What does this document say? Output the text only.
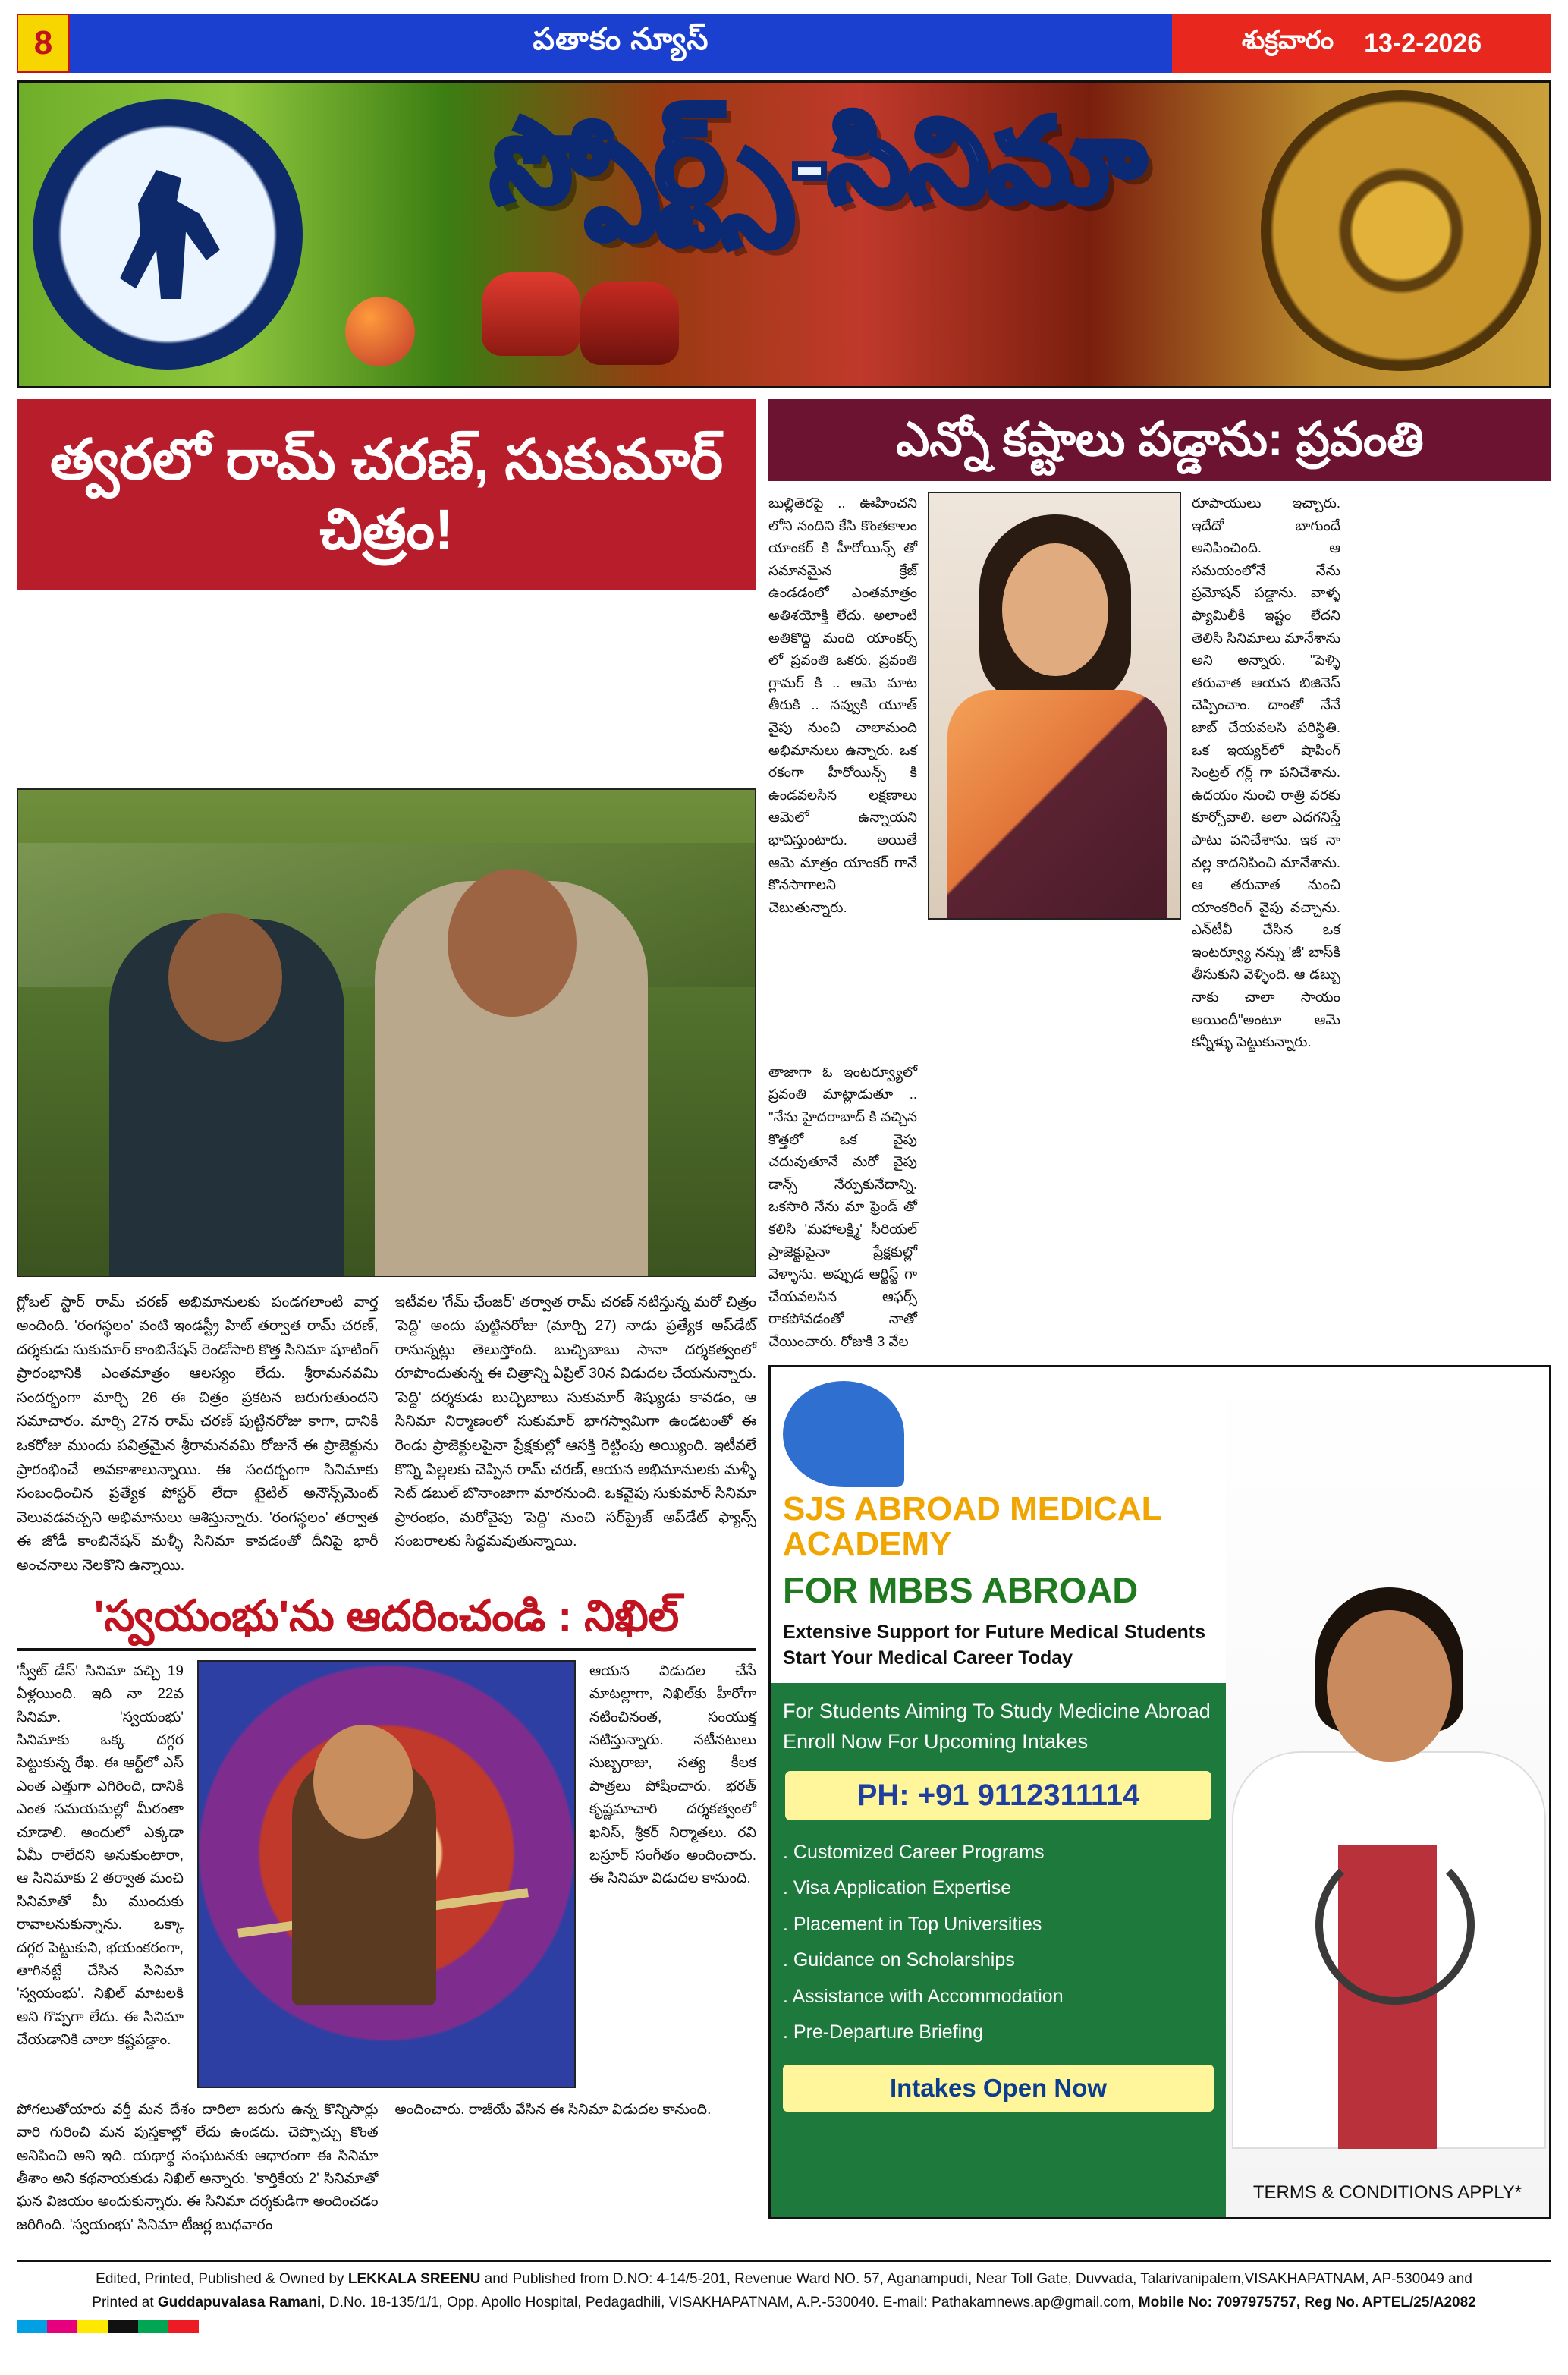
8	పతాకం న్యూస్	శుక్రవారం 13-2-2026
స్పోర్ట్స్-సినిమా
త్వరలో రామ్ చరణ్, సుకుమార్ చిత్రం!
ఎన్నో కష్టాలు పడ్డాను: ప్రవంతి
బుల్లితెరపై .. ఊహించని లోని నందిని కేసి కొంతకాలం యాంకర్ కి హీరోయిన్స్ తో సమానమైన క్రేజ్ ఉండడంలో ఎంతమాత్రం అతిశయోక్తి లేదు. అలాంటి అతికొద్ది మంది యాంకర్స్ లో ప్రవంతి ఒకరు. ప్రవంతి గ్లామర్ కి .. ఆమె మాట తీరుకి .. నవ్వుకి యూత్ వైపు నుంచి చాలామంది అభిమానులు ఉన్నారు. ఒక రకంగా హీరోయిన్స్ కి ఉండవలసిన లక్షణాలు ఆమెలో ఉన్నాయని భావిస్తుంటారు. అయితే ఆమె మాత్రం యాంకర్ గానే కొనసాగాలని చెబుతున్నారు.
రూపాయులు ఇచ్చారు. ఇదేదో బాగుందే అనిపించింది. ఆ సమయంలోనే నేను ప్రమోషన్ పడ్డాను. వాళ్ళ ఫ్యామిలీకి ఇష్టం లేదని తెలిసి సినిమాలు మానేశాను అని అన్నారు. "పెళ్ళి తరువాత ఆయన బిజినెస్ చెప్పించాం. దాంతో నేనే జాబ్ చేయవలసి పరిస్థితి. ఒక ఇయ్యర్‌లో షాపింగ్ సెంట్రల్ గర్ల్ గా పనిచేశాను. ఉదయం నుంచి రాత్రి వరకు కూర్చోవాలి. అలా ఎదగనిస్తే పాటు పనిచేశాను. ఇక నా వల్ల కాదనిపించి మానేశాను. ఆ తరువాత నుంచి యాంకరింగ్ వైపు వచ్చాను. ఎన్‌టీవీ చేసిన ఒక ఇంటర్వ్యూ నన్ను 'జీ' బాస్‌కి తీసుకుని వెళ్ళింది. ఆ డబ్బు నాకు చాలా సాయం అయిందీ"అంటూ ఆమె కన్నీళ్ళు పెట్టుకున్నారు.
తాజాగా ఓ ఇంటర్వ్యూలో ప్రవంతి మాట్లాడుతూ .. "నేను హైదరాబాద్ కి వచ్చిన కొత్తలో ఒక వైపు చదువుతూనే మరో వైపు డాన్స్ నేర్పుకునేదాన్ని. ఒకసారి నేను మా ఫ్రెండ్ తో కలిసి 'మహాలక్ష్మి' సీరియల్ ప్రాజెక్టుపైనా ప్రేక్షకుల్లో వెళ్ళాను. అప్పుడ ఆర్టిస్ట్ గా చేయవలసిన ఆఫర్స్ రాకపోవడంతో నాతో చేయించారు. రోజుకి 3 వేల
SJS ABROAD MEDICAL ACADEMY
FOR MBBS ABROAD
Extensive Support for Future Medical Students Start Your Medical Career Today
For Students Aiming To Study Medicine Abroad Enroll Now For Upcoming Intakes
PH: +91 9112311114
. Customized Career Programs
. Visa Application Expertise
. Placement in Top Universities
. Guidance on Scholarships
. Assistance with Accommodation
. Pre-Departure Briefing
Intakes Open Now
TERMS & CONDITIONS APPLY*
గ్లోబల్ స్టార్ రామ్ చరణ్ అభిమానులకు పండగలాంటి వార్త అందింది. 'రంగస్థలం' వంటి ఇండస్ట్రీ హిట్ తర్వాత రామ్ చరణ్, దర్శకుడు సుకుమార్ కాంబినేషన్ రెండోసారి కొత్త సినిమా షూటింగ్ ప్రారంభానికి ఎంతమాత్రం ఆలస్యం లేదు. శ్రీరామనవమి సందర్భంగా మార్చి 26 ఈ చిత్రం ప్రకటన జరుగుతుందని సమాచారం. మార్చి 27న రామ్ చరణ్ పుట్టినరోజు కాగా, దానికి ఒకరోజు ముందు పవిత్రమైన శ్రీరామనవమి రోజునే ఈ ప్రాజెక్టును ప్రారంభించే అవకాశాలున్నాయి. ఈ సందర్భంగా సినిమాకు సంబంధించిన ప్రత్యేక పోస్టర్ లేదా టైటిల్ అనౌన్స్‌మెంట్ వెలువడవచ్చని అభిమానులు ఆశిస్తున్నారు. 'రంగస్థలం' తర్వాత ఈ జోడీ కాంబినేషన్ మళ్ళీ సినిమా కావడంతో దీనిపై భారీ అంచనాలు నెలకొని ఉన్నాయి.
ఇటీవల 'గేమ్ ఛేంజర్' తర్వాత రామ్ చరణ్ నటిస్తున్న మరో చిత్రం 'పెద్ది' అందు పుట్టినరోజు (మార్చి 27) నాడు ప్రత్యేక అప్‌డేట్ రానున్నట్లు తెలుస్తోంది. బుచ్చిబాబు సానా దర్శకత్వంలో రూపొందుతున్న ఈ చిత్రాన్ని ఏప్రిల్ 30న విడుదల చేయనున్నారు. 'పెద్ది' దర్శకుడు బుచ్చిబాబు సుకుమార్ శిష్యుడు కావడం, ఆ సినిమా నిర్మాణంలో సుకుమార్ భాగస్వామిగా ఉండటంతో ఈ రెండు ప్రాజెక్టులపైనా ప్రేక్షకుల్లో ఆసక్తి రెట్టింపు అయ్యింది. ఇటీవలే కొన్ని పిల్లలకు చెప్పిన రామ్ చరణ్, ఆయన అభిమానులకు మళ్ళీ సెట్ డబుల్ బొనాంజాగా మారనుంది. ఒకవైపు సుకుమార్ సినిమా ప్రారంభం, మరోవైపు 'పెద్ది' నుంచి సర్‌ప్రైజ్ అప్‌డేట్ ఫ్యాన్స్ సంబరాలకు సిద్ధమవుతున్నాయి.
'స్వయంభు'ను ఆదరించండి : నిఖిల్
'స్వీట్ డేస్' సినిమా వచ్చి 19 ఏళ్లయింది. ఇది నా 22వ సినిమా. 'స్వయంభు' సినిమాకు ఒక్క దగ్గర పెట్టుకున్న రేఖ. ఈ ఆర్ట్‌లో ఎస్ ఎంత ఎత్తుగా ఎగిరింది, దానికి ఎంత సమయమల్లో మీరంతా చూడాలి. అందులో ఎక్కడా ఏమీ రాలేదని అనుకుంటారా, ఆ సినిమాకు 2 తర్వాత మంచి సినిమాతో మీ ముందుకు రావాలనుకున్నాను. ఒక్కా దగ్గర పెట్టుకుని, భయంకరంగా, తాగినట్టే చేసిన సినిమా 'స్వయంభు'. నిఖిల్ మాటలకి అని గొప్పగా లేదు. ఈ సినిమా చేయడానికి చాలా కష్టపడ్డాం.
ఆయన విడుదల చేసే మాటల్లాగా, నిఖిల్‌కు హీరోగా నటించినంత, సంయుక్త నటిస్తున్నారు. నటీనటులు సుబ్బరాజు, సత్య కీలక పాత్రలు పోషించారు. భరత్ కృష్ణమాచారి దర్శకత్వంలో ఖనిస్, శ్రీకర్ నిర్మాతలు. రవి బస్రూర్ సంగీతం అందించారు. ఈ సినిమా విడుదల కానుంది.
పోగలుతోయారు వర్తీ మన దేశం దారిలా జరుగు ఉన్న కొన్నిసార్లు వారి గురించి మన పుస్తకాల్లో లేదు ఉండదు. చెప్పొచ్చు కొంత అనిపించి అని ఇది. యథార్థ సంఘటనకు ఆధారంగా ఈ సినిమా తీశాం అని కథనాయకుడు నిఖిల్ అన్నారు. 'కార్తికేయ 2' సినిమాతో ఘన విజయం అందుకున్నారు. ఈ సినిమా దర్శకుడిగా అందించడం జరిగింది. 'స్వయంభు' సినిమా టీజర్ల బుధవారం
అందించారు. రాజీయే వేసిన ఈ సినిమా విడుదల కానుంది.
Edited, Printed, Published & Owned by LEKKALA SREENU and Published from D.NO: 4-14/5-201, Revenue Ward NO. 57, Aganampudi, Near Toll Gate, Duvvada, Talarivanipalem,VISAKHAPATNAM, AP-530049 and
Printed at Guddapuvalasa Ramani, D.No. 18-135/1/1, Opp. Apollo Hospital, Pedagadhili, VISAKHAPATNAM, A.P.-530040. E-mail: Pathakamnews.ap@gmail.com, Mobile No: 7097975757, Reg No. APTEL/25/A2082
